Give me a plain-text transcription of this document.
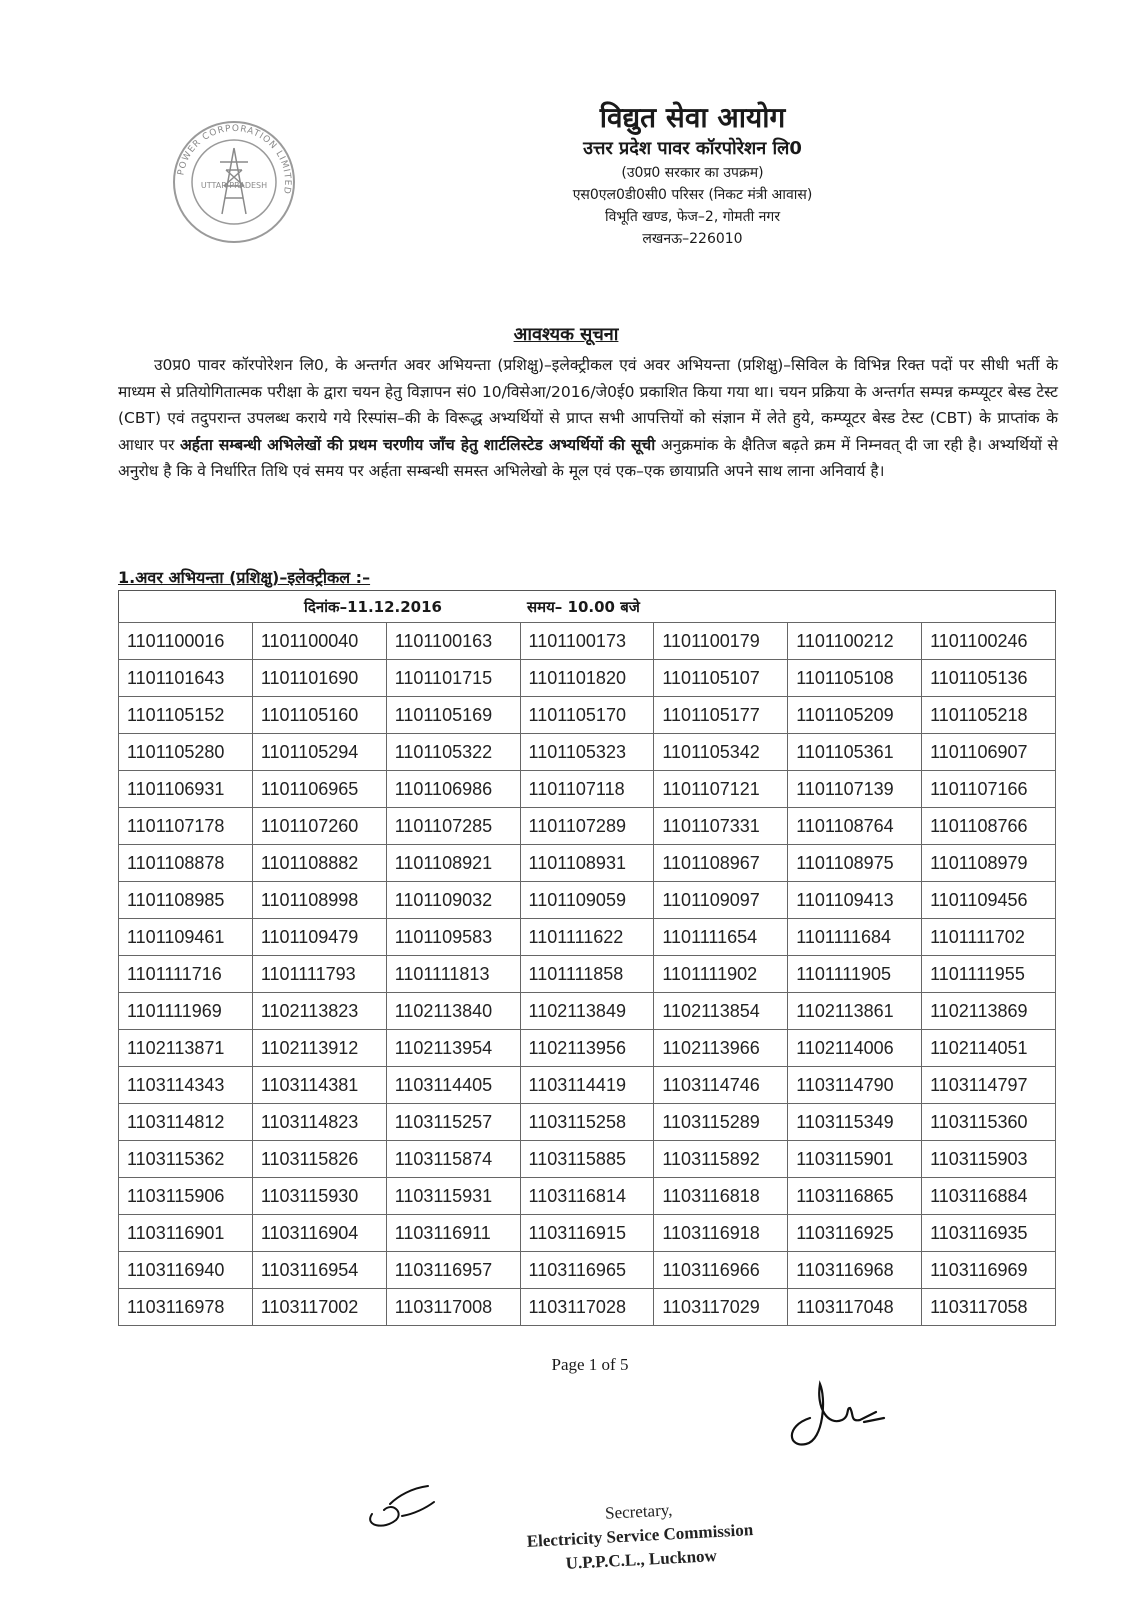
POWER CORPORATION LIMITED
UTTAR PRADESH

विद्युत सेवा आयोग

उत्तर प्रदेश पावर कॉरपोरेशन लि0

(उ0प्र0 सरकार का उपक्रम)

एस0एल0डी0सी0 परिसर (निकट मंत्री आवास)

विभूति खण्ड, फेज–2, गोमती नगर

लखनऊ–226010

आवश्यक सूचना

उ0प्र0 पावर कॉरपोरेशन लि0, के अन्तर्गत अवर अभियन्ता (प्रशिक्षु)–इलेक्ट्रीकल एवं अवर अभियन्ता (प्रशिक्षु)–सिविल के विभिन्न रिक्त पदों पर सीधी भर्ती के माध्यम से प्रतियोगितात्मक परीक्षा के द्वारा चयन हेतु विज्ञापन सं0 10/विसेआ/2016/जे0ई0 प्रकाशित किया गया था। चयन प्रक्रिया के अन्तर्गत सम्पन्न कम्प्यूटर बेस्ड टेस्ट (CBT) एवं तदुपरान्त उपलब्ध कराये गये रिस्पांस–की के विरूद्ध अभ्यर्थियों से प्राप्त सभी आपत्तियों को संज्ञान में लेते हुये, कम्प्यूटर बेस्ड टेस्ट (CBT) के प्राप्तांक के आधार पर अर्हता सम्बन्धी अभिलेखों की प्रथम चरणीय जाँच हेतु शार्टलिस्टेड अभ्यर्थियों की सूची अनुक्रमांक के क्षैतिज बढ़ते क्रम में निम्नवत् दी जा रही है। अभ्यर्थियों से अनुरोध है कि वे निर्धारित तिथि एवं समय पर अर्हता सम्बन्धी समस्त अभिलेखो के मूल एवं एक–एक छायाप्रति अपने साथ लाना अनिवार्य है।

1.अवर अभियन्ता (प्रशिक्षु)–इलेक्ट्रीकल :–
दिनांक–11.12.2016	समय– 10.00 बजे
1101100016	1101100040	1101100163	1101100173	1101100179	1101100212	1101100246
1101101643	1101101690	1101101715	1101101820	1101105107	1101105108	1101105136
1101105152	1101105160	1101105169	1101105170	1101105177	1101105209	1101105218
1101105280	1101105294	1101105322	1101105323	1101105342	1101105361	1101106907
1101106931	1101106965	1101106986	1101107118	1101107121	1101107139	1101107166
1101107178	1101107260	1101107285	1101107289	1101107331	1101108764	1101108766
1101108878	1101108882	1101108921	1101108931	1101108967	1101108975	1101108979
1101108985	1101108998	1101109032	1101109059	1101109097	1101109413	1101109456
1101109461	1101109479	1101109583	1101111622	1101111654	1101111684	1101111702
1101111716	1101111793	1101111813	1101111858	1101111902	1101111905	1101111955
1101111969	1102113823	1102113840	1102113849	1102113854	1102113861	1102113869
1102113871	1102113912	1102113954	1102113956	1102113966	1102114006	1102114051
1103114343	1103114381	1103114405	1103114419	1103114746	1103114790	1103114797
1103114812	1103114823	1103115257	1103115258	1103115289	1103115349	1103115360
1103115362	1103115826	1103115874	1103115885	1103115892	1103115901	1103115903
1103115906	1103115930	1103115931	1103116814	1103116818	1103116865	1103116884
1103116901	1103116904	1103116911	1103116915	1103116918	1103116925	1103116935
1103116940	1103116954	1103116957	1103116965	1103116966	1103116968	1103116969
1103116978	1103117002	1103117008	1103117028	1103117029	1103117048	1103117058
Page 1 of 5
Secretary,
Electricity Service Commission
U.P.P.C.L., Lucknow
